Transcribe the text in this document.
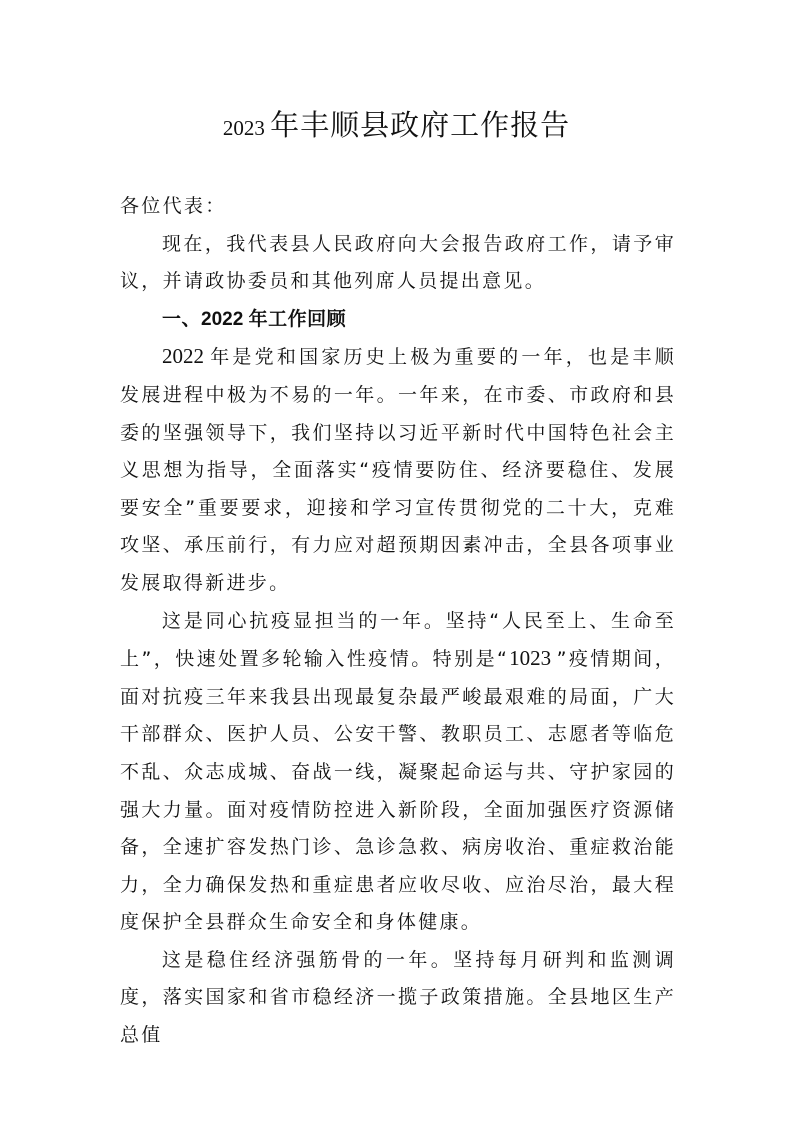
2023 年丰顺县政府工作报告

各位代表：

现在，我代表县人民政府向大会报告政府工作，请予审议，并请政协委员和其他列席人员提出意见。

一、2022 年工作回顾

2022 年是党和国家历史上极为重要的一年，也是丰顺发展进程中极为不易的一年。一年来，在市委、市政府和县委的坚强领导下，我们坚持以习近平新时代中国特色社会主义思想为指导，全面落实“疫情要防住、经济要稳住、发展要安全”重要要求，迎接和学习宣传贯彻党的二十大，克难攻坚、承压前行，有力应对超预期因素冲击，全县各项事业发展取得新进步。

这是同心抗疫显担当的一年。坚持“人民至上、生命至上”，快速处置多轮输入性疫情。特别是“1023 ”疫情期间，面对抗疫三年来我县出现最复杂最严峻最艰难的局面，广大干部群众、医护人员、公安干警、教职员工、志愿者等临危不乱、众志成城、奋战一线，凝聚起命运与共、守护家园的强大力量。面对疫情防控进入新阶段，全面加强医疗资源储备，全速扩容发热门诊、急诊急救、病房收治、重症救治能力，全力确保发热和重症患者应收尽收、应治尽治，最大程度保护全县群众生命安全和身体健康。

这是稳住经济强筋骨的一年。坚持每月研判和监测调度，落实国家和省市稳经济一揽子政策措施。全县地区生产总值
